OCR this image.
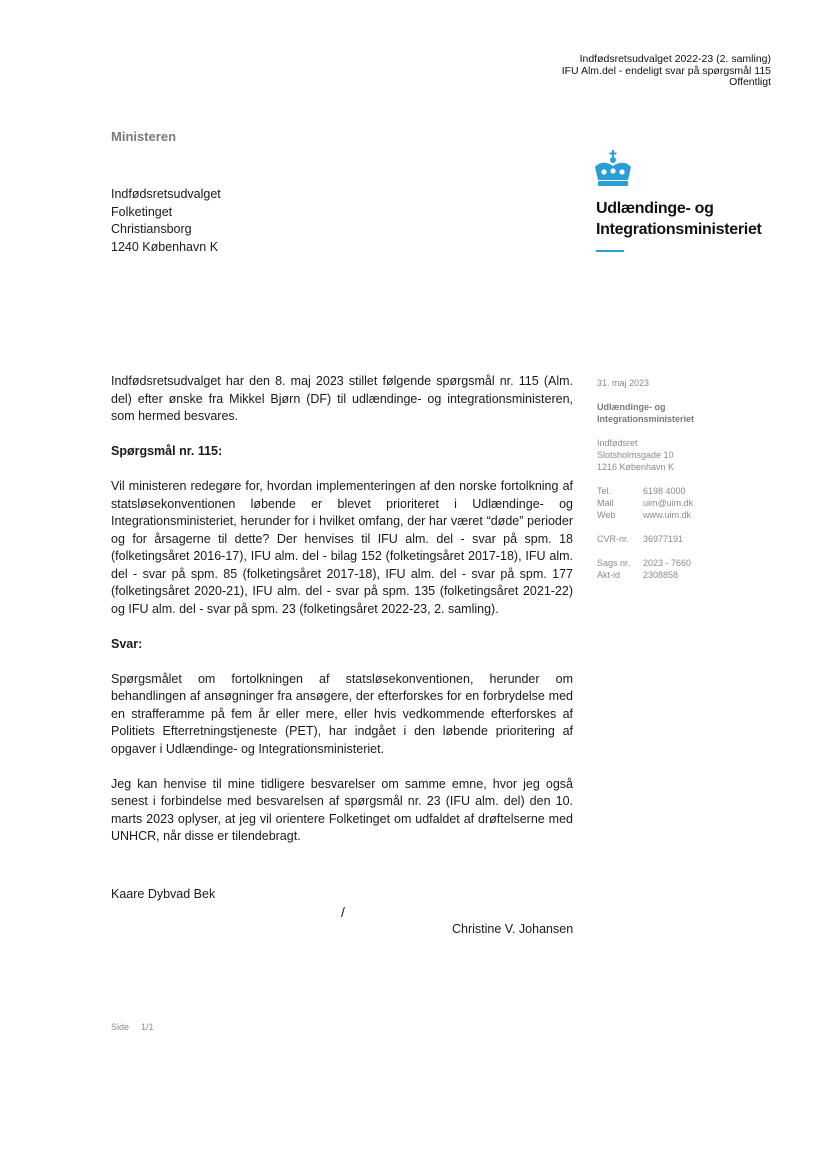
Indfødsretsudvalget 2022-23 (2. samling)
IFU Alm.del - endeligt svar på spørgsmål 115
Offentligt
Ministeren
Indfødsretsudvalget
Folketinget
Christiansborg
1240 København K
Udlændinge- og
Integrationsministeriet

Indfødsretsudvalget har den 8. maj 2023 stillet følgende spørgsmål nr. 115 (Alm. del) efter ønske fra Mikkel Bjørn (DF) til udlændinge- og integrationsministeren, som hermed besvares.

Spørgsmål nr. 115:

Vil ministeren redegøre for, hvordan implementeringen af den norske fortolkning af statsløsekonventionen løbende er blevet prioriteret i Udlændinge- og Integrationsministeriet, herunder for i hvilket omfang, der har været “døde” perioder og for årsagerne til dette? Der henvises til IFU alm. del - svar på spm. 18 (folketingsåret 2016-17), IFU alm. del - bilag 152 (folketingsåret 2017-18), IFU alm. del - svar på spm. 85 (folketingsåret 2017-18), IFU alm. del - svar på spm. 177 (folketingsåret 2020-21), IFU alm. del - svar på spm. 135 (folketingsåret 2021-22) og IFU alm. del - svar på spm. 23 (folketingsåret 2022-23, 2. samling).

Svar:

Spørgsmålet om fortolkningen af statsløsekonventionen, herunder om behandlingen af ansøgninger fra ansøgere, der efterforskes for en forbrydelse med en strafferamme på fem år eller mere, eller hvis vedkommende efterforskes af Politiets Efterretningstjeneste (PET), har indgået i den løbende prioritering af opgaver i Udlændinge- og Integrationsministeriet.

Jeg kan henvise til mine tidligere besvarelser om samme emne, hvor jeg også senest i forbindelse med besvarelsen af spørgsmål nr. 23 (IFU alm. del) den 10. marts 2023 oplyser, at jeg vil orientere Folketinget om udfaldet af drøftelserne med UNHCR, når disse er tilendebragt.

31. maj 2023
Udlændinge- og
Integrationsministeriet
Indfødsret
Slotsholmsgade 10
1216 København K
Tel.	6198 4000
Mail	uim@uim.dk
Web	www.uim.dk
CVR-nr.	36977191
Sags nr.	2023 - 7660
Akt-id	2308858
Kaare Dybvad Bek
/
Christine V. Johansen
Side 1/1
